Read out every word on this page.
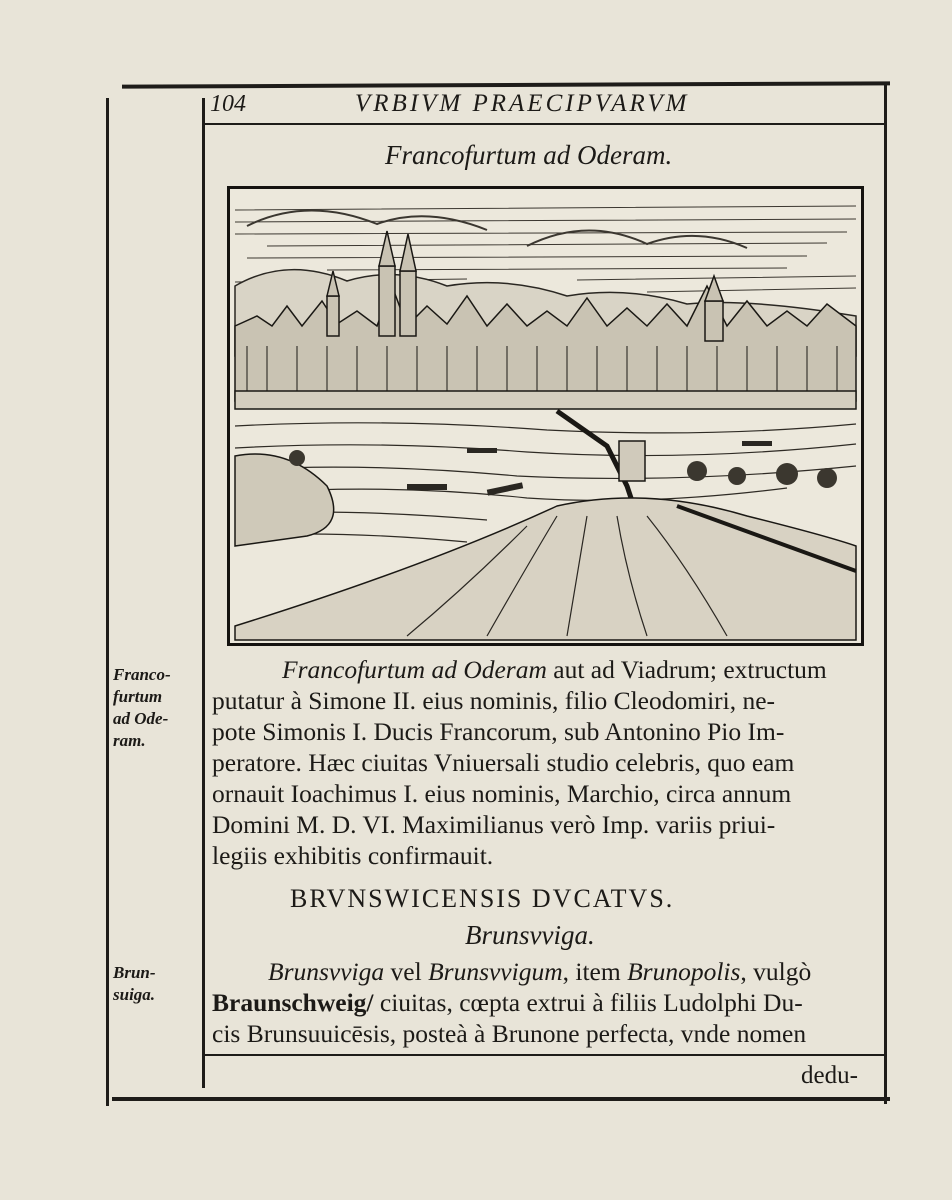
104	VRBIVM PRAECIPVARVM
Francofurtum ad Oderam.
Franco-
furtum
ad Ode-
ram.
Brun-
suiga.
Francofurtum ad Oderam aut ad Viadrum; extructum
putatur à Simone II. eius nominis, filio Cleodomiri, ne-
pote Simonis I. Ducis Francorum, sub Antonino Pio Im-
peratore. Hæc ciuitas Vniuersali studio celebris, quo eam
ornauit Ioachimus I. eius nominis, Marchio, circa annum
Domini M. D. VI. Maximilianus verò Imp. variis priui-
legiis exhibitis confirmauit.
BRVNSWICENSIS DVCATVS.
Brunsvviga.
Brunsvviga vel Brunsvvigum, item Brunopolis, vulgò
Braunschweig/ ciuitas, cœpta extrui à filiis Ludolphi Du-
cis Brunsuuicēsis, posteà à Brunone perfecta, vnde nomen
dedu-
